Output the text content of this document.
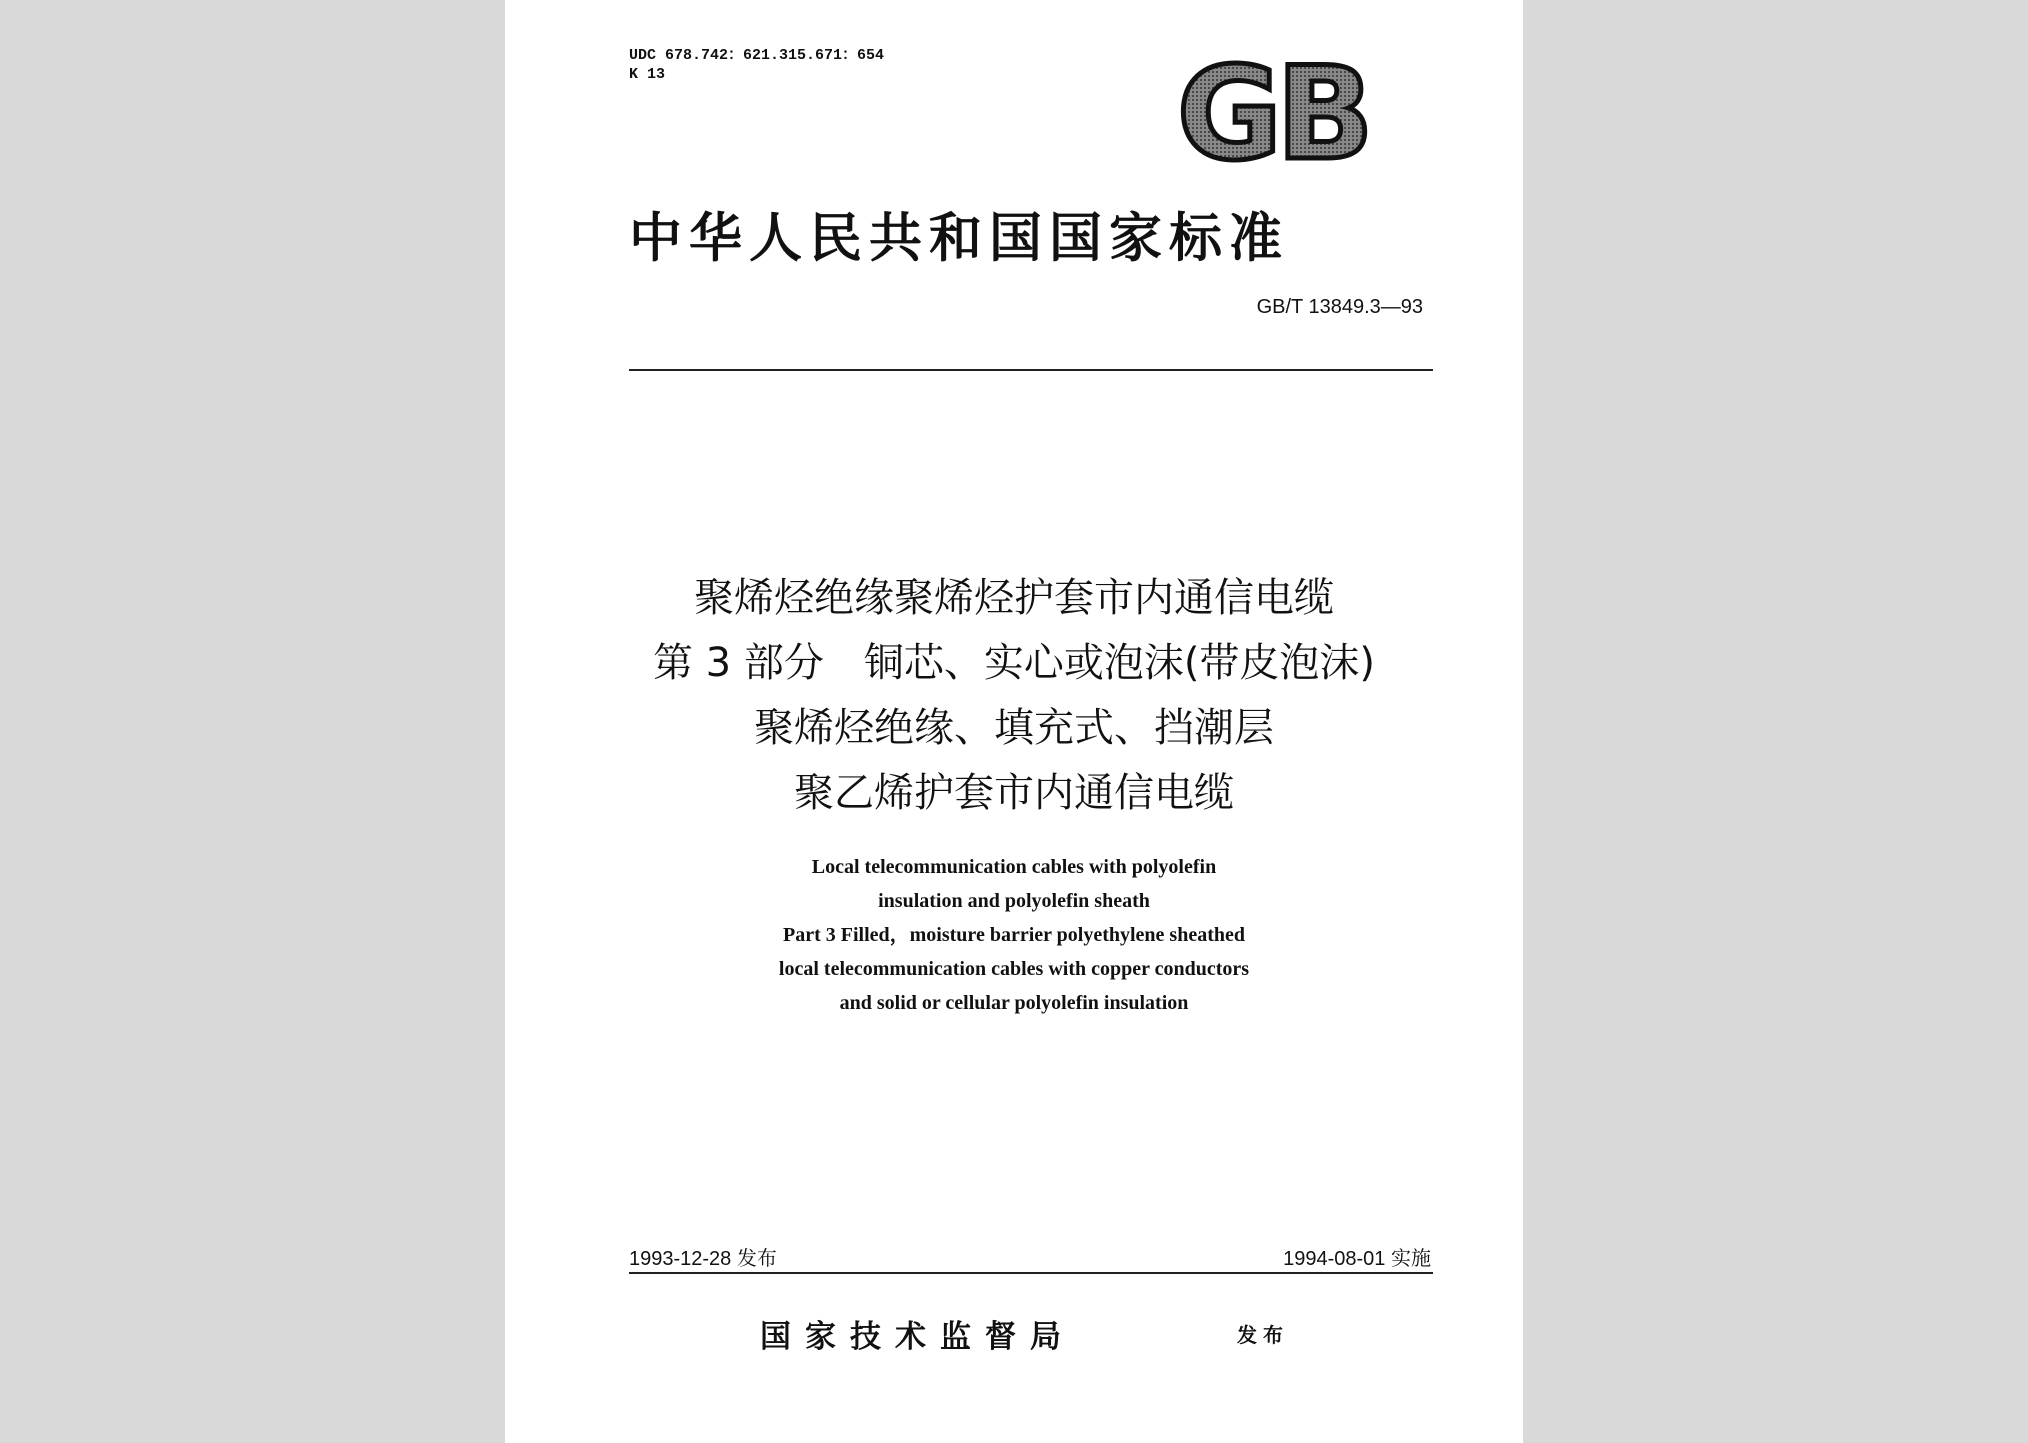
UDC 678.742：621.315.671：654
K 13	GB
中华人民共和国国家标准
GB/T 13849.3—93
聚烯烃绝缘聚烯烃护套市内通信电缆
第 3 部分　铜芯、实心或泡沫(带皮泡沫)
聚烯烃绝缘、填充式、挡潮层
聚乙烯护套市内通信电缆
Local telecommunication cables with polyolefin
insulation and polyolefin sheath
Part 3 Filled，moisture barrier polyethylene sheathed
local telecommunication cables with copper conductors
and solid or cellular polyolefin insulation
1993-12-28 发布	1994-08-01 实施
国家技术监督局	发布
